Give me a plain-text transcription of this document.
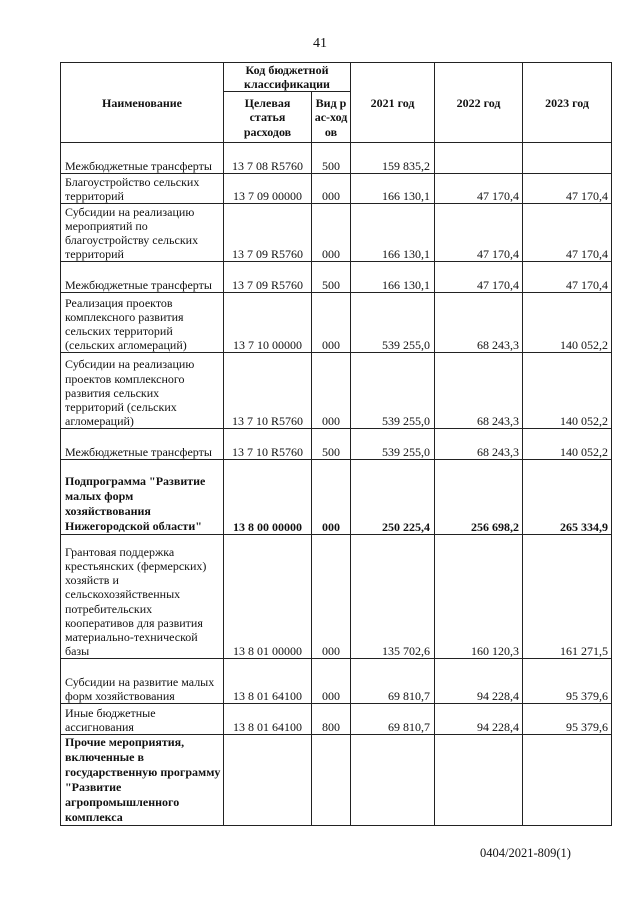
41
Наименование	Код бюджетной классификации		2021 год	2022 год	2023 год
	Целевая статья расходов	Вид рас-ходов			
Межбюджетные трансферты	13 7 08 R5760	500	159 835,2		
Благоустройство сельских территорий	13 7 09 00000	000	166 130,1	47 170,4	47 170,4
Субсидии на реализацию мероприятий по благоустройству сельских территорий	13 7 09 R5760	000	166 130,1	47 170,4	47 170,4
Межбюджетные трансферты	13 7 09 R5760	500	166 130,1	47 170,4	47 170,4
Реализация проектов комплексного развития сельских территорий (сельских агломераций)	13 7 10 00000	000	539 255,0	68 243,3	140 052,2
Субсидии на реализацию проектов комплексного развития сельских территорий (сельских агломераций)	13 7 10 R5760	000	539 255,0	68 243,3	140 052,2
Межбюджетные трансферты	13 7 10 R5760	500	539 255,0	68 243,3	140 052,2
Подпрограмма "Развитие малых форм хозяйствования Нижегородской области"	13 8 00 00000	000	250 225,4	256 698,2	265 334,9
Грантовая поддержка крестьянских (фермерских) хозяйств и сельскохозяйственных потребительских кооперативов для развития материально-технической базы	13 8 01 00000	000	135 702,6	160 120,3	161 271,5
Субсидии на развитие малых форм хозяйствования	13 8 01 64100	000	69 810,7	94 228,4	95 379,6
Иные бюджетные ассигнования	13 8 01 64100	800	69 810,7	94 228,4	95 379,6
Прочие мероприятия, включенные в государственную программу "Развитие агропромышленного комплекса					
0404/2021-809(1)
